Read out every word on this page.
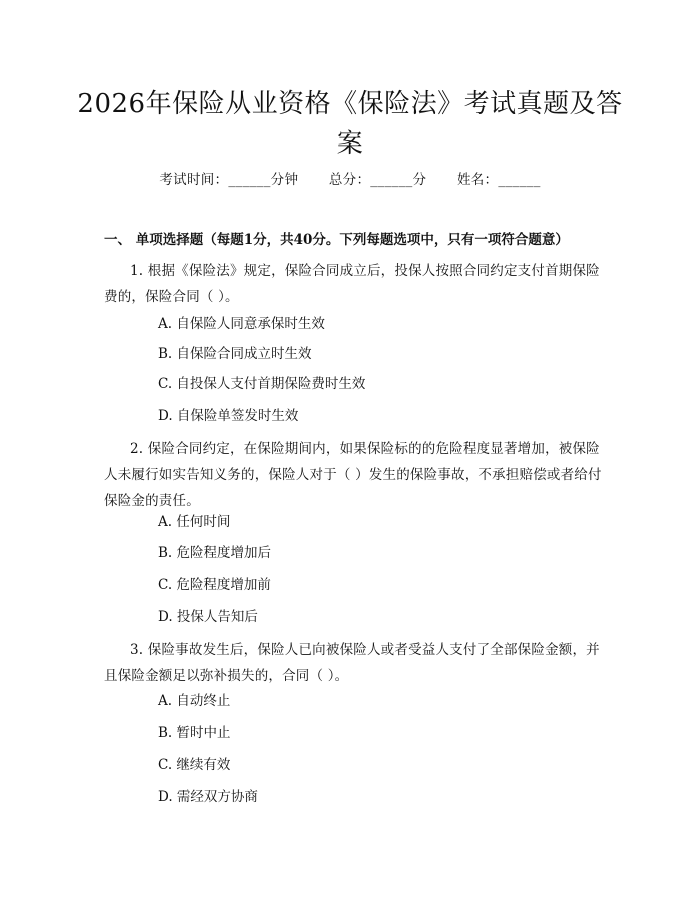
2026年保险从业资格《保险法》考试真题及答案
考试时间：______分钟 总分：______分 姓名：______
一、 单项选择题（每题1分，共40分。下列每题选项中，只有一项符合题意）
1. 根据《保险法》规定，保险合同成立后，投保人按照合同约定支付首期保险费的，保险合同（ ）。
A. 自保险人同意承保时生效
B. 自保险合同成立时生效
C. 自投保人支付首期保险费时生效
D. 自保险单签发时生效
2. 保险合同约定，在保险期间内，如果保险标的的危险程度显著增加，被保险人未履行如实告知义务的，保险人对于（ ）发生的保险事故，不承担赔偿或者给付保险金的责任。
A. 任何时间
B. 危险程度增加后
C. 危险程度增加前
D. 投保人告知后
3. 保险事故发生后，保险人已向被保险人或者受益人支付了全部保险金额，并且保险金额足以弥补损失的，合同（ ）。
A. 自动终止
B. 暂时中止
C. 继续有效
D. 需经双方协商
